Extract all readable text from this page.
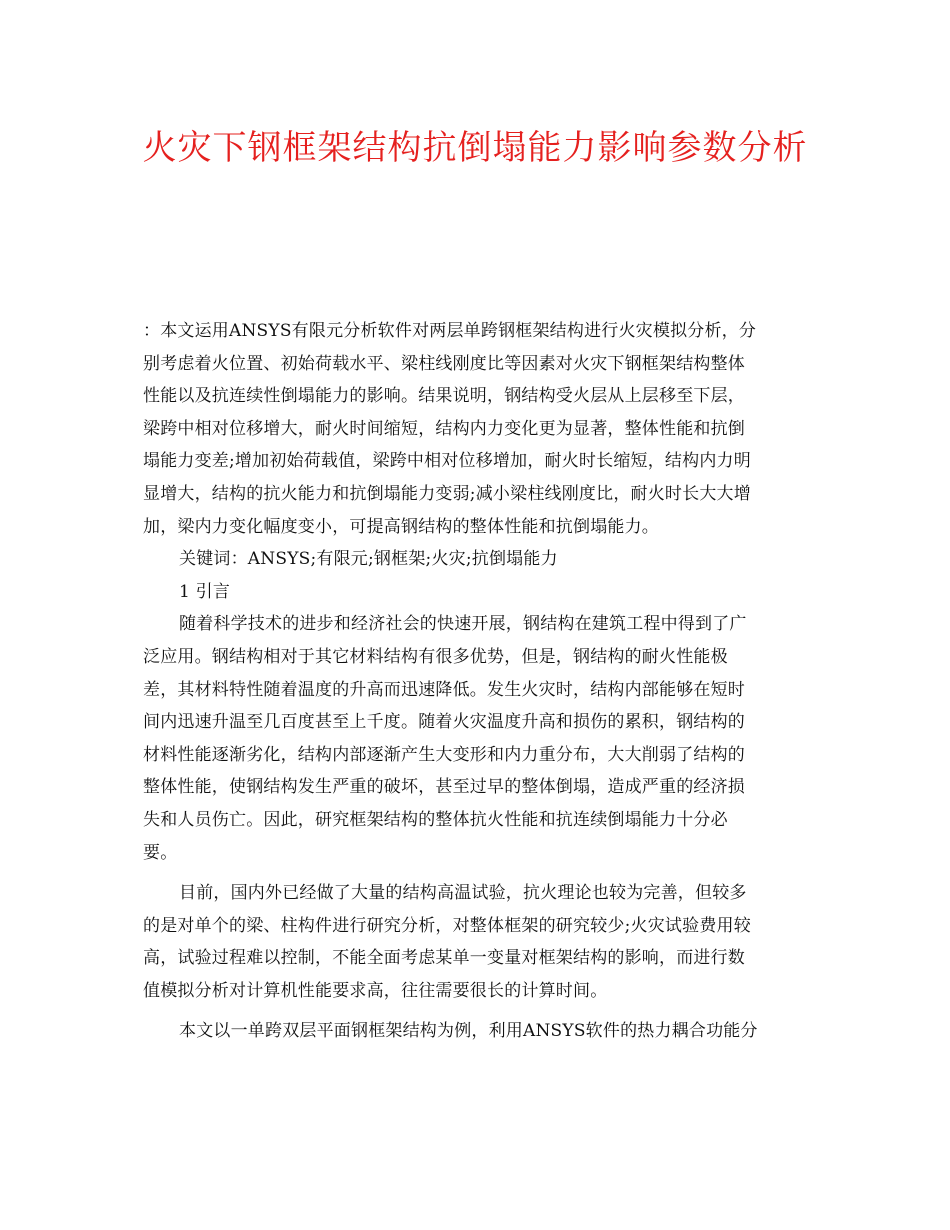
火灾下钢框架结构抗倒塌能力影响参数分析
：本文运用ANSYS有限元分析软件对两层单跨钢框架结构进行火灾模拟分析，分
别考虑着火位置、初始荷载水平、梁柱线刚度比等因素对火灾下钢框架结构整体
性能以及抗连续性倒塌能力的影响。结果说明，钢结构受火层从上层移至下层，
梁跨中相对位移增大，耐火时间缩短，结构内力变化更为显著，整体性能和抗倒
塌能力变差;增加初始荷载值，梁跨中相对位移增加，耐火时长缩短，结构内力明
显增大，结构的抗火能力和抗倒塌能力变弱;减小梁柱线刚度比，耐火时长大大增
加，梁内力变化幅度变小，可提高钢结构的整体性能和抗倒塌能力。
关键词：ANSYS;有限元;钢框架;火灾;抗倒塌能力
1 引言
随着科学技术的进步和经济社会的快速开展，钢结构在建筑工程中得到了广
泛应用。钢结构相对于其它材料结构有很多优势，但是，钢结构的耐火性能极
差，其材料特性随着温度的升高而迅速降低。发生火灾时，结构内部能够在短时
间内迅速升温至几百度甚至上千度。随着火灾温度升高和损伤的累积，钢结构的
材料性能逐渐劣化，结构内部逐渐产生大变形和内力重分布，大大削弱了结构的
整体性能，使钢结构发生严重的破坏，甚至过早的整体倒塌，造成严重的经济损
失和人员伤亡。因此，研究框架结构的整体抗火性能和抗连续倒塌能力十分必
要。
目前，国内外已经做了大量的结构高温试验，抗火理论也较为完善，但较多
的是对单个的梁、柱构件进行研究分析，对整体框架的研究较少;火灾试验费用较
高，试验过程难以控制，不能全面考虑某单一变量对框架结构的影响，而进行数
值模拟分析对计算机性能要求高，往往需要很长的计算时间。
本文以一单跨双层平面钢框架结构为例，利用ANSYS软件的热力耦合功能分
